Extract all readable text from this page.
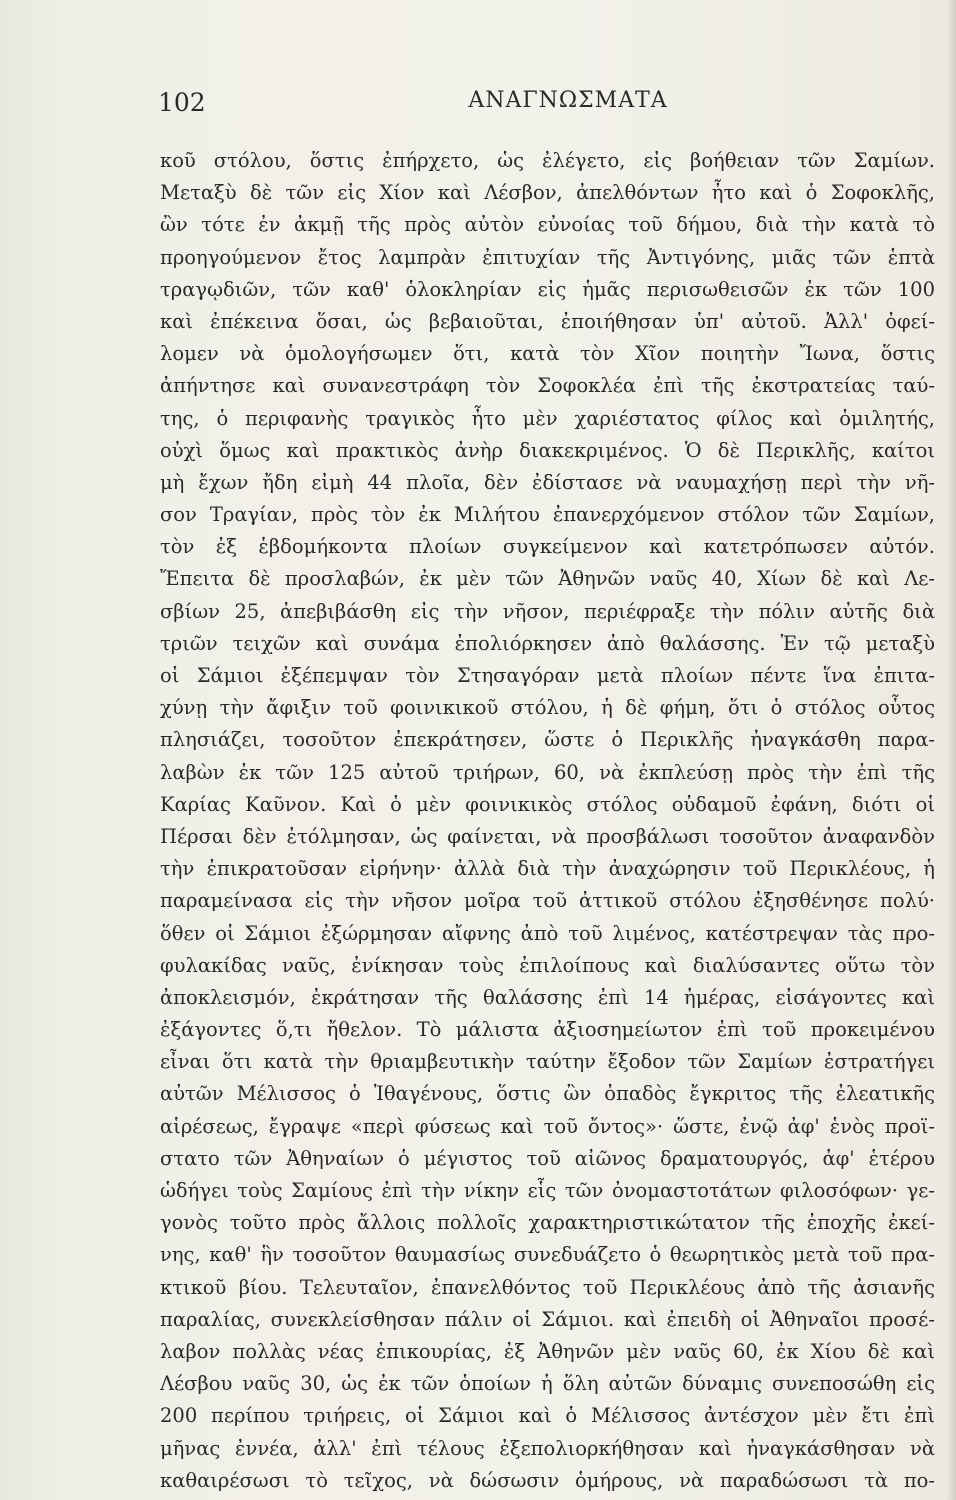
102	ΑΝΑΓΝΩΣΜΑΤΑ
κοῦ στόλου, ὅστις ἐπήρχετο, ὡς ἐλέγετο, εἰς βοήθειαν τῶν Σαμίων.
Μεταξὺ δὲ τῶν εἰς Χίον καὶ Λέσβον, ἀπελθόντων ἦτο καὶ ὁ Σοφοκλῆς,
ὢν τότε ἐν ἀκμῇ τῆς πρὸς αὐτὸν εὐνοίας τοῦ δήμου, διὰ τὴν κατὰ τὸ
προηγούμενον ἔτος λαμπρὰν ἐπιτυχίαν τῆς Ἀντιγόνης, μιᾶς τῶν ἑπτὰ
τραγῳδιῶν, τῶν καθ' ὁλοκληρίαν εἰς ἡμᾶς περισωθεισῶν ἐκ τῶν 100
καὶ ἐπέκεινα ὅσαι, ὡς βεβαιοῦται, ἐποιήθησαν ὑπ' αὐτοῦ. Ἀλλ' ὀφεί-
λομεν νὰ ὁμολογήσωμεν ὅτι, κατὰ τὸν Χῖον ποιητὴν Ἴωνα, ὅστις
ἀπήντησε καὶ συνανεστράφη τὸν Σοφοκλέα ἐπὶ τῆς ἐκστρατείας ταύ-
της, ὁ περιφανὴς τραγικὸς ἦτο μὲν χαριέστατος φίλος καὶ ὁμιλητής,
οὐχὶ ὅμως καὶ πρακτικὸς ἀνὴρ διακεκριμένος. Ὁ δὲ Περικλῆς, καίτοι
μὴ ἔχων ἤδη εἰμὴ 44 πλοῖα, δὲν ἐδίστασε νὰ ναυμαχήσῃ περὶ τὴν νῆ-
σον Τραγίαν, πρὸς τὸν ἐκ Μιλήτου ἐπανερχόμενον στόλον τῶν Σαμίων,
τὸν ἐξ ἑβδομήκοντα πλοίων συγκείμενον καὶ κατετρόπωσεν αὐτόν.
Ἔπειτα δὲ προσλαβών, ἐκ μὲν τῶν Ἀθηνῶν ναῦς 40, Χίων δὲ καὶ Λε-
σβίων 25, ἀπεβιβάσθη εἰς τὴν νῆσον, περιέφραξε τὴν πόλιν αὐτῆς διὰ
τριῶν τειχῶν καὶ συνάμα ἐπολιόρκησεν ἀπὸ θαλάσσης. Ἐν τῷ μεταξὺ
οἱ Σάμιοι ἐξέπεμψαν τὸν Στησαγόραν μετὰ πλοίων πέντε ἵνα ἐπιτα-
χύνῃ τὴν ἄφιξιν τοῦ φοινικικοῦ στόλου, ἡ δὲ φήμη, ὅτι ὁ στόλος οὗτος
πλησιάζει, τοσοῦτον ἐπεκράτησεν, ὥστε ὁ Περικλῆς ἠναγκάσθη παρα-
λαβὼν ἐκ τῶν 125 αὐτοῦ τριήρων, 60, νὰ ἐκπλεύσῃ πρὸς τὴν ἐπὶ τῆς
Καρίας Καῦνον. Καὶ ὁ μὲν φοινικικὸς στόλος οὐδαμοῦ ἐφάνη, διότι οἱ
Πέρσαι δὲν ἐτόλμησαν, ὡς φαίνεται, νὰ προσβάλωσι τοσοῦτον ἀναφανδὸν
τὴν ἐπικρατοῦσαν εἰρήνην· ἀλλὰ διὰ τὴν ἀναχώρησιν τοῦ Περικλέους, ἡ
παραμείνασα εἰς τὴν νῆσον μοῖρα τοῦ ἀττικοῦ στόλου ἐξησθένησε πολύ·
ὅθεν οἱ Σάμιοι ἐξώρμησαν αἴφνης ἀπὸ τοῦ λιμένος, κατέστρεψαν τὰς προ-
φυλακίδας ναῦς, ἐνίκησαν τοὺς ἐπιλοίπους καὶ διαλύσαντες οὕτω τὸν
ἀποκλεισμόν, ἐκράτησαν τῆς θαλάσσης ἐπὶ 14 ἡμέρας, εἰσάγοντες καὶ
ἐξάγοντες ὅ,τι ἤθελον. Τὸ μάλιστα ἀξιοσημείωτον ἐπὶ τοῦ προκειμένου
εἶναι ὅτι κατὰ τὴν θριαμβευτικὴν ταύτην ἔξοδον τῶν Σαμίων ἐστρατήγει
αὐτῶν Μέλισσος ὁ Ἰθαγένους, ὅστις ὢν ὀπαδὸς ἔγκριτος τῆς ἐλεατικῆς
αἱρέσεως, ἔγραψε «περὶ φύσεως καὶ τοῦ ὄντος»· ὥστε, ἐνῷ ἀφ' ἑνὸς προϊ-
στατο τῶν Ἀθηναίων ὁ μέγιστος τοῦ αἰῶνος δραματουργός, ἀφ' ἑτέρου
ὡδήγει τοὺς Σαμίους ἐπὶ τὴν νίκην εἷς τῶν ὀνομαστοτάτων φιλοσόφων· γε-
γονὸς τοῦτο πρὸς ἄλλοις πολλοῖς χαρακτηριστικώτατον τῆς ἐποχῆς ἐκεί-
νης, καθ' ἣν τοσοῦτον θαυμασίως συνεδυάζετο ὁ θεωρητικὸς μετὰ τοῦ πρα-
κτικοῦ βίου. Τελευταῖον, ἐπανελθόντος τοῦ Περικλέους ἀπὸ τῆς ἀσιανῆς
παραλίας, συνεκλείσθησαν πάλιν οἱ Σάμιοι. καὶ ἐπειδὴ οἱ Ἀθηναῖοι προσέ-
λαβον πολλὰς νέας ἐπικουρίας, ἐξ Ἀθηνῶν μὲν ναῦς 60, ἐκ Χίου δὲ καὶ
Λέσβου ναῦς 30, ὡς ἐκ τῶν ὁποίων ἡ ὅλη αὐτῶν δύναμις συνεποσώθη εἰς
200 περίπου τριήρεις, οἱ Σάμιοι καὶ ὁ Μέλισσος ἀντέσχον μὲν ἔτι ἐπὶ
μῆνας ἐννέα, ἀλλ' ἐπὶ τέλους ἐξεπολιορκήθησαν καὶ ἠναγκάσθησαν νὰ
καθαιρέσωσι τὸ τεῖχος, νὰ δώσωσιν ὁμήρους, νὰ παραδώσωσι τὰ πο-
